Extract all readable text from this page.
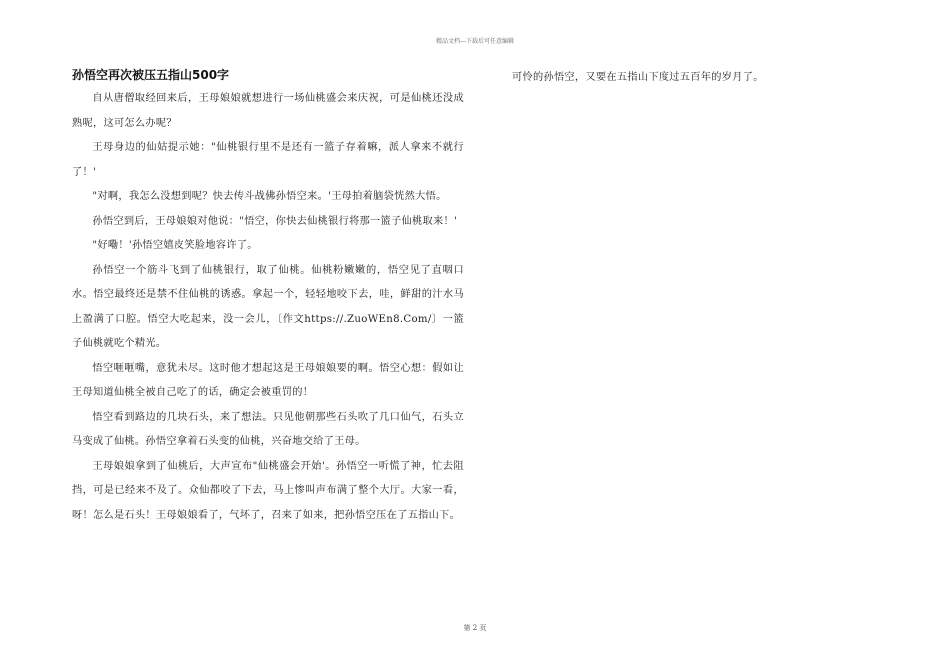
精品文档---下载后可任意编辑
孙悟空再次被压五指山500字

自从唐僧取经回来后，王母娘娘就想进行一场仙桃盛会来庆祝，可是仙桃还没成熟呢，这可怎么办呢？

王母身边的仙姑提示她："仙桃银行里不是还有一篮子存着嘛，派人拿来不就行了！'

"对啊，我怎么没想到呢？快去传斗战佛孙悟空来。'王母拍着脑袋恍然大悟。

孙悟空到后，王母娘娘对他说："悟空，你快去仙桃银行将那一篮子仙桃取来！'

"好嘞！'孙悟空嬉皮笑脸地容许了。

孙悟空一个筋斗飞到了仙桃银行，取了仙桃。仙桃粉嫩嫩的，悟空见了直咽口水。悟空最终还是禁不住仙桃的诱惑。拿起一个，轻轻地咬下去，哇，鲜甜的汁水马上盈满了口腔。悟空大吃起来，没一会儿，〔作文https://.ZuoWEn8.Com/〕一篮子仙桃就吃个精光。

悟空咂咂嘴，意犹未尽。这时他才想起这是王母娘娘要的啊。悟空心想：假如让王母知道仙桃全被自己吃了的话，确定会被重罚的！

悟空看到路边的几块石头，来了想法。只见他朝那些石头吹了几口仙气，石头立马变成了仙桃。孙悟空拿着石头变的仙桃，兴奋地交给了王母。

王母娘娘拿到了仙桃后，大声宣布"仙桃盛会开始'。孙悟空一听慌了神，忙去阻挡，可是已经来不及了。众仙都咬了下去，马上惨叫声布满了整个大厅。大家一看，呀！怎么是石头！王母娘娘看了，气坏了，召来了如来，把孙悟空压在了五指山下。

可怜的孙悟空，又要在五指山下度过五百年的岁月了。

第 2 页
